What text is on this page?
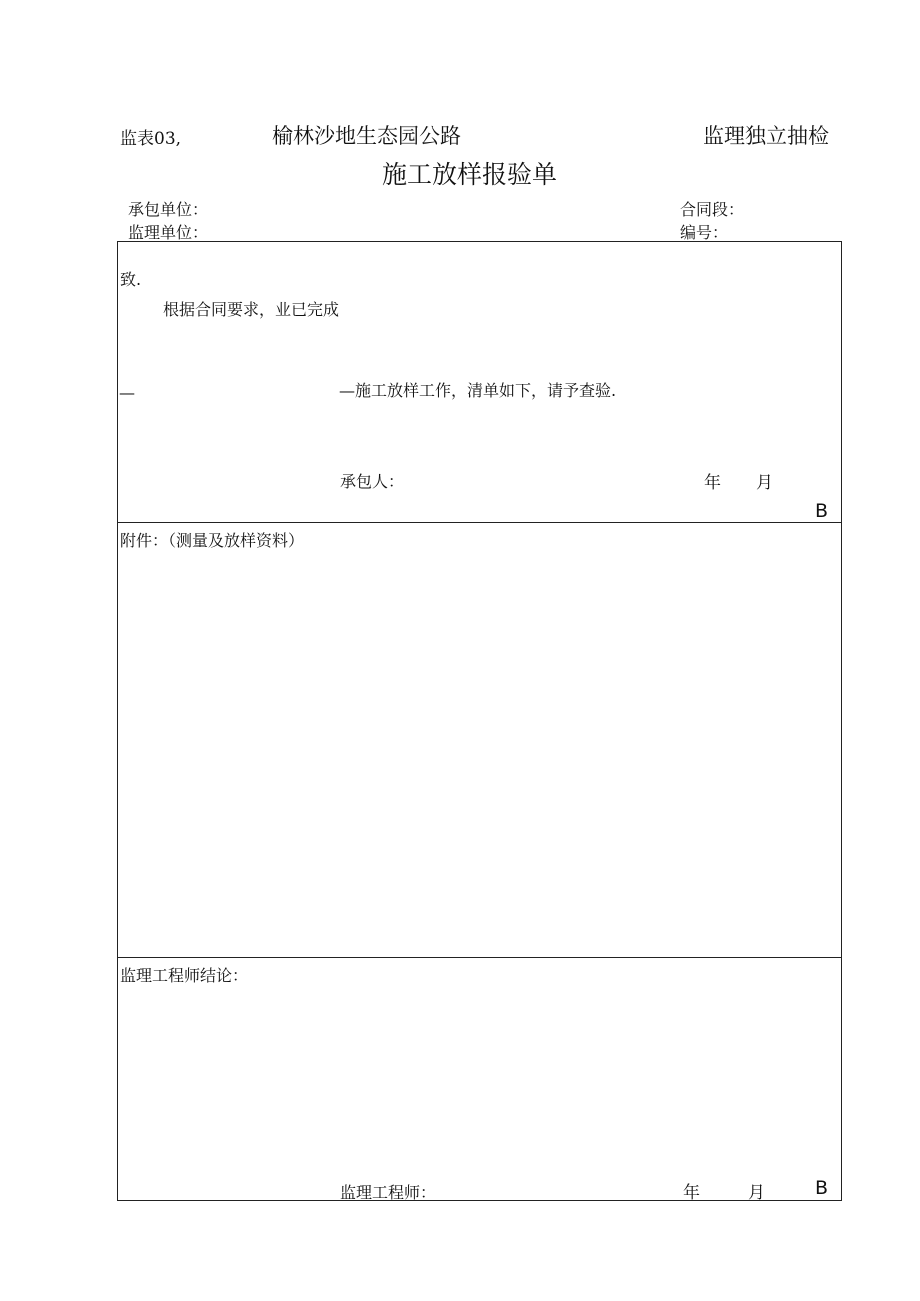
监表03,	榆林沙地生态园公路	监理独立抽检
施工放样报验单
承包单位：	合同段：
监理单位：	编号：
致.
根据合同要求，业已完成
—	—施工放样工作，清单如下，请予查验.
承包人：	年 月
B
附件：（测量及放样资料）
监理工程师结论：
监理工程师：	年	月	B
